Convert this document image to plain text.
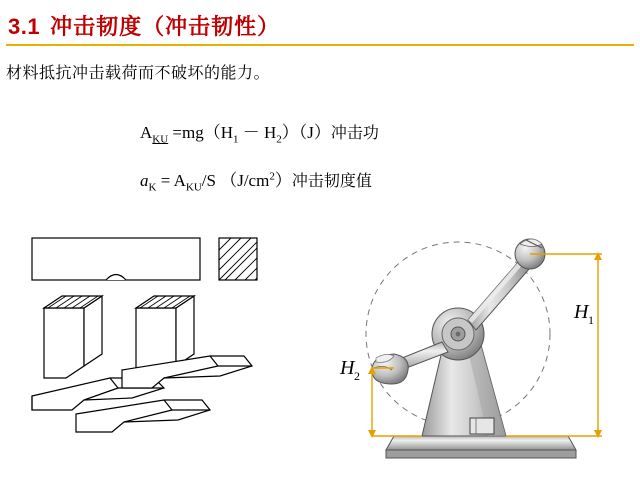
3.1 冲击韧度（冲击韧性）
材料抵抗冲击载荷而不破坏的能力。
$A_{KU} =mg(H_1 - H_2)(J)$冲击功
$a_K = A_{KU}/S$ $(J/cm^2)$冲击韧度值
H 1
H 2
